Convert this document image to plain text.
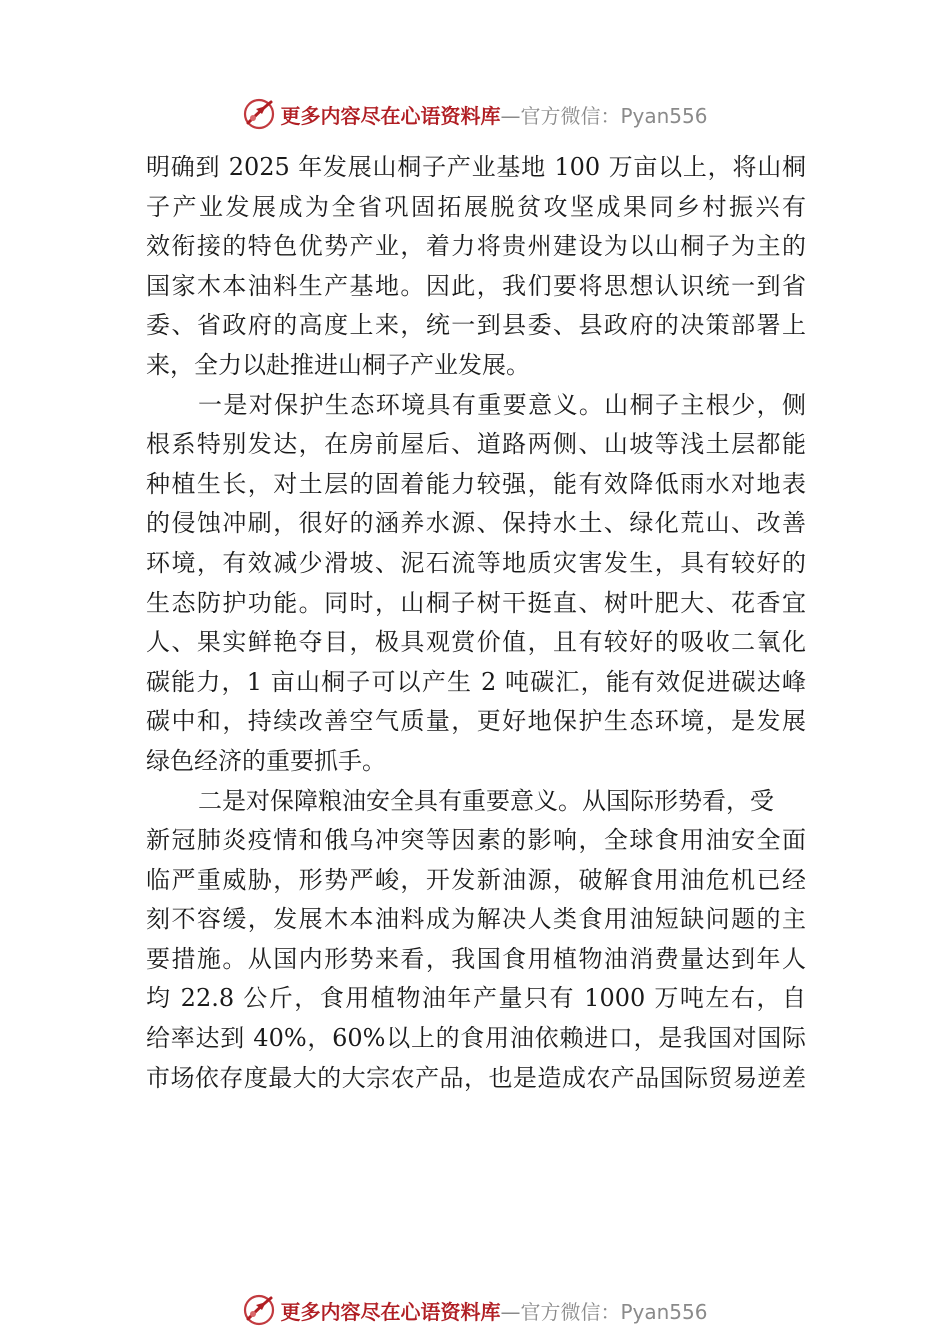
更多内容尽在心语资料库 —官方微信：Pyan556
明确到 2025 年发展山桐子产业基地 100 万亩以上，将山桐
子产业发展成为全省巩固拓展脱贫攻坚成果同乡村振兴有
效衔接的特色优势产业，着力将贵州建设为以山桐子为主的
国家木本油料生产基地。因此，我们要将思想认识统一到省
委、省政府的高度上来，统一到县委、县政府的决策部署上
来，全力以赴推进山桐子产业发展。
一是对保护生态环境具有重要意义。山桐子主根少，侧
根系特别发达，在房前屋后、道路两侧、山坡等浅土层都能
种植生长，对土层的固着能力较强，能有效降低雨水对地表
的侵蚀冲刷，很好的涵养水源、保持水土、绿化荒山、改善
环境，有效减少滑坡、泥石流等地质灾害发生，具有较好的
生态防护功能。同时，山桐子树干挺直、树叶肥大、花香宜
人、果实鲜艳夺目，极具观赏价值，且有较好的吸收二氧化
碳能力，1 亩山桐子可以产生 2 吨碳汇，能有效促进碳达峰
碳中和，持续改善空气质量，更好地保护生态环境，是发展
绿色经济的重要抓手。
二是对保障粮油安全具有重要意义。从国际形势看，受
新冠肺炎疫情和俄乌冲突等因素的影响，全球食用油安全面
临严重威胁，形势严峻，开发新油源，破解食用油危机已经
刻不容缓，发展木本油料成为解决人类食用油短缺问题的主
要措施。从国内形势来看，我国食用植物油消费量达到年人
均 22.8 公斤，食用植物油年产量只有 1000 万吨左右，自
给率达到 40%，60%以上的食用油依赖进口，是我国对国际
市场依存度最大的大宗农产品，也是造成农产品国际贸易逆差
更多内容尽在心语资料库 —官方微信：Pyan556
